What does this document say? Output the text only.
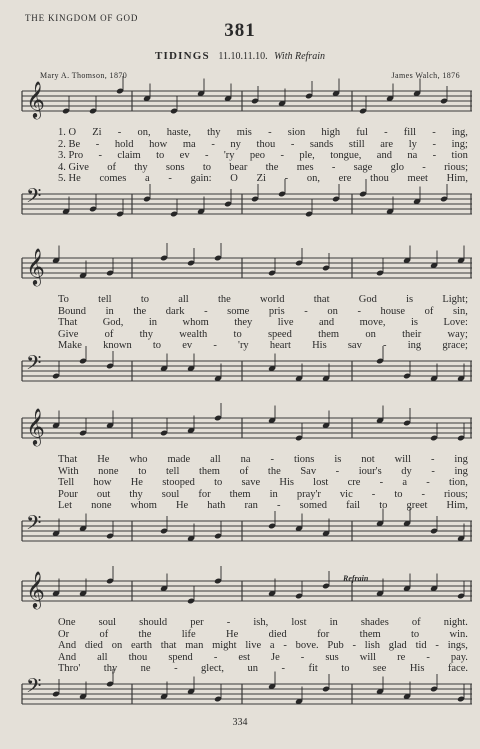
THE KINGDOM OF GOD
381
TIDINGS 11.10.11.10. With Refrain
Mary A. Thomson, 1870	James Walch, 1876
𝄞
1. O Zi - on, haste, thy mis - sion high ful - fill - ing,
2. Be - hold how ma - ny thou - sands still are ly - ing;
3. Pro - claim to ev - 'ry peo - ple, tongue, and na - tion
4. Give of thy sons to bear the mes - sage glo - rious;
5. He comes a - gain: O Zi - on, ere thou meet Him,
𝄢
𝄞
To	tell	to	all	the	world	that	God	is	Light;
Bound in the dark - some pris - on - house of sin,
That God, in whom they live and move, is Love:
Give of thy wealth to speed them on their way;
Make known to ev - 'ry heart His sav - ing grace;
𝄢
𝄞
That He who made all na - tions is not will - ing
With none to tell them of the Sav - iour's dy - ing
Tell how He stooped to save His lost cre - a - tion,
Pour out thy soul for them in pray'r vic - to - rious;
Let none whom He hath ran - somed fail to greet Him,
𝄢
𝄞
One soul should per - ish, lost in shades of night.
Or	of	the	life	He	died	for	them	to	win.
And died on earth that man might live a - bove. Pub - lish glad tid - ings,
And all thou spend - est Je - sus will re - pay.
Thro' thy ne - glect, un - fit to see His face.
𝄢
Refrain
334
